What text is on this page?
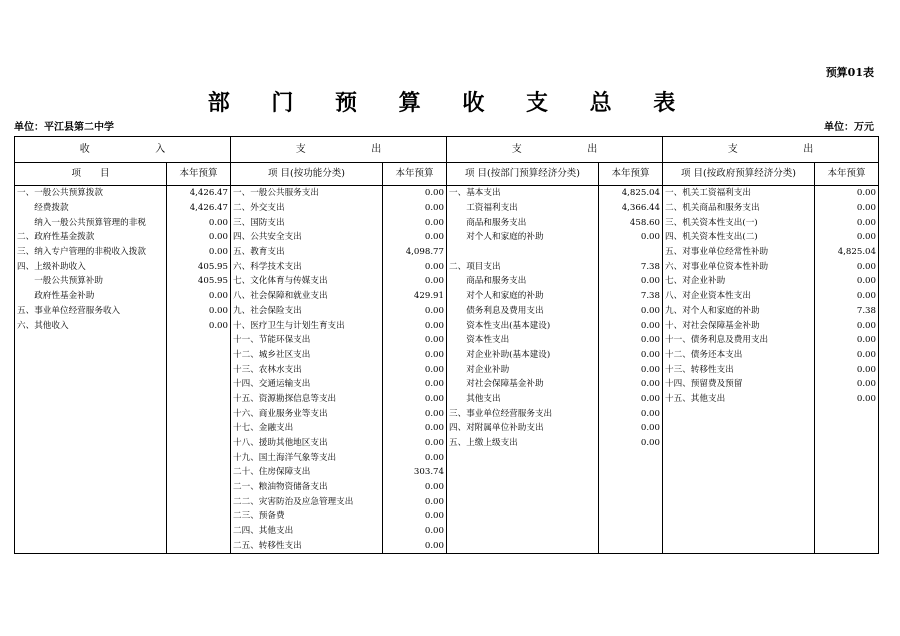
预算01表
部 门 预 算 收 支 总 表
单位：平江县第二中学	单位：万元
收 入		支 出		支 出		支 出	

项　　目	本年预算	项 目(按功能分类)	本年预算	项 目(按部门预算经济分类)	本年预算	项 目(按政府预算经济分类)	本年预算
一、一般公共预算拨款	4,426.47	一、一般公共服务支出	0.00	一、基本支出	4,825.04	一、机关工资福利支出	0.00
　　经费拨款	4,426.47	二、外交支出	0.00	　　工资福利支出	4,366.44	二、机关商品和服务支出	0.00
　　纳入一般公共预算管理的非税	0.00	三、国防支出	0.00	　　商品和服务支出	458.60	三、机关资本性支出(一)	0.00
二、政府性基金拨款	0.00	四、公共安全支出	0.00	　　对个人和家庭的补助	0.00	四、机关资本性支出(二)	0.00
三、纳入专户管理的非税收入拨款	0.00	五、教育支出	4,098.77			五、对事业单位经常性补助	4,825.04
四、上级补助收入	405.95	六、科学技术支出	0.00	二、项目支出	7.38	六、对事业单位资本性补助	0.00
　　一般公共预算补助	405.95	七、文化体育与传媒支出	0.00	　　商品和服务支出	0.00	七、对企业补助	0.00
　　政府性基金补助	0.00	八、社会保障和就业支出	429.91	　　对个人和家庭的补助	7.38	八、对企业资本性支出	0.00
五、事业单位经营服务收入	0.00	九、社会保险支出	0.00	　　债务利息及费用支出	0.00	九、对个人和家庭的补助	7.38
六、其他收入	0.00	十、医疗卫生与计划生育支出	0.00	　　资本性支出(基本建设)	0.00	十、对社会保障基金补助	0.00
		十一、节能环保支出	0.00	　　资本性支出	0.00	十一、债务利息及费用支出	0.00
		十二、城乡社区支出	0.00	　　对企业补助(基本建设)	0.00	十二、债务还本支出	0.00
		十三、农林水支出	0.00	　　对企业补助	0.00	十三、转移性支出	0.00
		十四、交通运输支出	0.00	　　对社会保障基金补助	0.00	十四、预留费及预留	0.00
		十五、资源勘探信息等支出	0.00	　　其他支出	0.00	十五、其他支出	0.00
		十六、商业服务业等支出	0.00	三、事业单位经营服务支出	0.00		
		十七、金融支出	0.00	四、对附属单位补助支出	0.00		
		十八、援助其他地区支出	0.00	五、上缴上级支出	0.00		
		十九、国土海洋气象等支出	0.00				
		二十、住房保障支出	303.74				
		二一、粮油物资储备支出	0.00				
		二二、灾害防治及应急管理支出	0.00				
		二三、预备费	0.00				
		二四、其他支出	0.00				
		二五、转移性支出	0.00				
